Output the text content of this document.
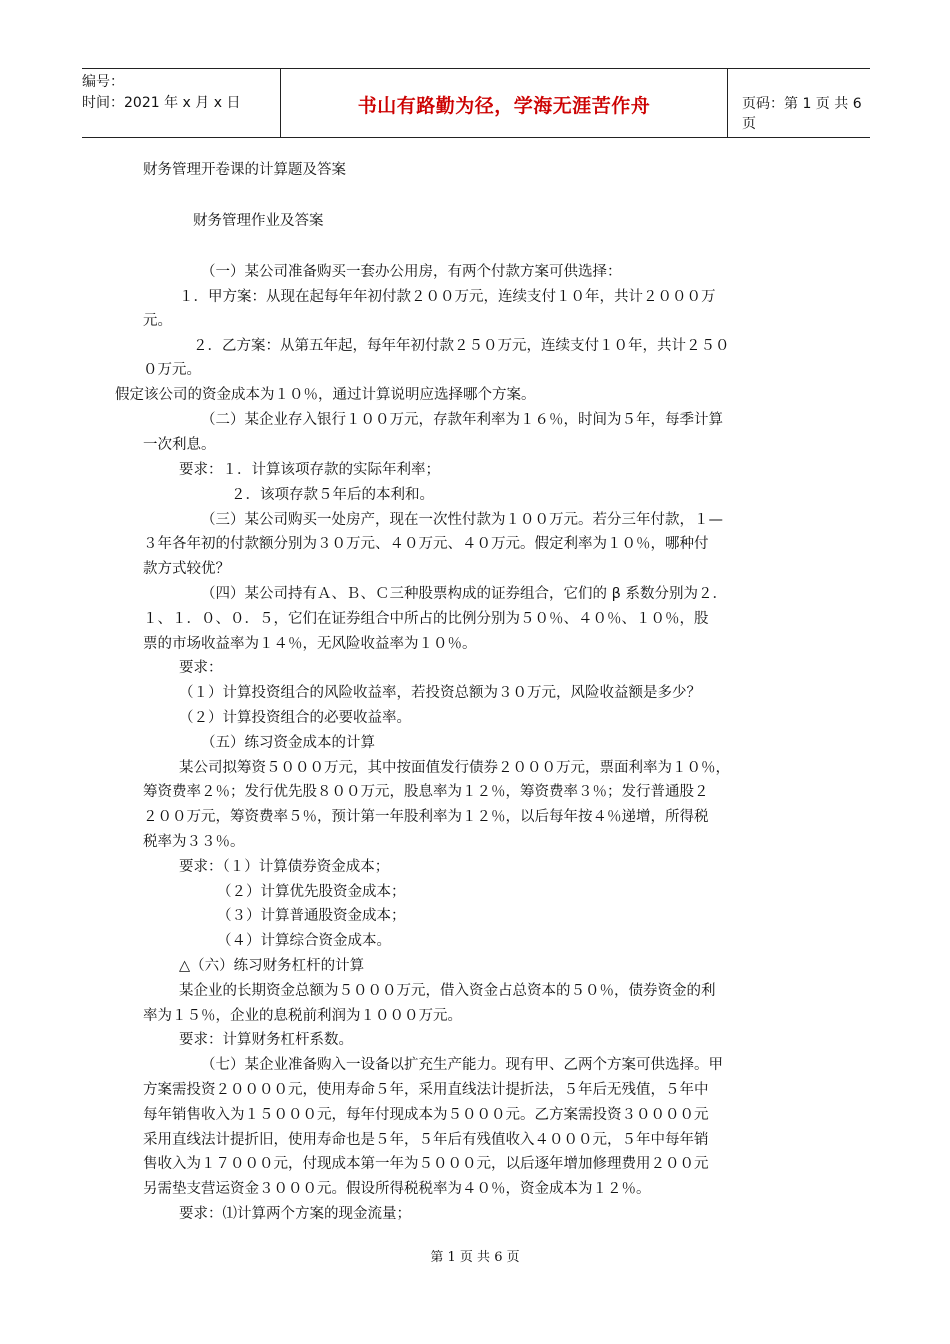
编号：
时间：2021 年 x 月 x 日	书山有路勤为径，学海无涯苦作舟	页码：第 1 页 共 6 页
财务管理开卷课的计算题及答案
财务管理作业及答案
（一）某公司准备购买一套办公用房，有两个付款方案可供选择：
１．甲方案：从现在起每年年初付款２００万元，连续支付１０年，共计２０００万
元。
２．乙方案：从第五年起，每年年初付款２５０万元，连续支付１０年，共计２５０
０万元。
假定该公司的资金成本为１０％，通过计算说明应选择哪个方案。
（二）某企业存入银行１００万元，存款年利率为１６％，时间为５年，每季计算
一次利息。
要求：１．计算该项存款的实际年利率；
２．该项存款５年后的本利和。
（三）某公司购买一处房产，现在一次性付款为１００万元。若分三年付款，１—
３年各年初的付款额分别为３０万元、４０万元、４０万元。假定利率为１０％，哪种付
款方式较优？
（四）某公司持有Ａ、Ｂ、Ｃ三种股票构成的证券组合，它们的 β 系数分别为２．
１、１．０、０．５，它们在证券组合中所占的比例分别为５０％、４０％、１０％，股
票的市场收益率为１４％，无风险收益率为１０％。
要求：
（１）计算投资组合的风险收益率，若投资总额为３０万元，风险收益额是多少？
（２）计算投资组合的必要收益率。
（五）练习资金成本的计算
某公司拟筹资５０００万元，其中按面值发行债券２０００万元，票面利率为１０％，
筹资费率２％；发行优先股８００万元，股息率为１２％，筹资费率３％；发行普通股２
２００万元，筹资费率５％，预计第一年股利率为１２％，以后每年按４％递增，所得税
税率为３３％。
要求：（１）计算债券资金成本；
（２）计算优先股资金成本；
（３）计算普通股资金成本；
（４）计算综合资金成本。
△（六）练习财务杠杆的计算
某企业的长期资金总额为５０００万元，借入资金占总资本的５０％，债券资金的利
率为１５％，企业的息税前利润为１０００万元。
要求：计算财务杠杆系数。
（七）某企业准备购入一设备以扩充生产能力。现有甲、乙两个方案可供选择。甲
方案需投资２００００元，使用寿命５年，采用直线法计提折法，５年后无残值，５年中
每年销售收入为１５０００元，每年付现成本为５０００元。乙方案需投资３００００元
采用直线法计提折旧，使用寿命也是５年，５年后有残值收入４０００元，５年中每年销
售收入为１７０００元，付现成本第一年为５０００元，以后逐年增加修理费用２００元
另需垫支营运资金３０００元。假设所得税税率为４０％，资金成本为１２％。
要求：⑴计算两个方案的现金流量；
第 1 页 共 6 页
